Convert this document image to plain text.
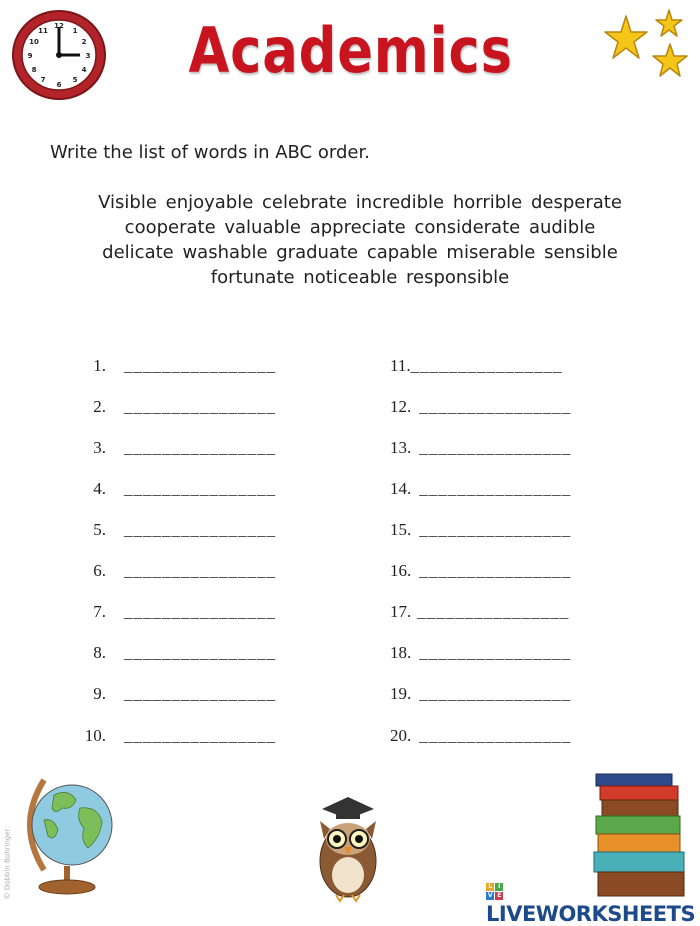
12
1
2
3
4
5
6
7
8
9
10
11 Academics
Write the list of words in ABC order.
Visible enjoyable celebrate incredible horrible desperate
cooperate valuable appreciate considerate audible
delicate washable graduate capable miserable sensible
fortunate noticeable responsible
1. ________________
2. ________________
3. ________________
4. ________________
5. ________________
6. ________________
7. ________________
8. ________________
9. ________________
10. ________________
11.________________
12. ________________
13. ________________
14. ________________
15. ________________
16. ________________
17. ________________
18. ________________
19. ________________
20. ________________
© Dobbin Bohringer	L	I
V E
LIVEWORKSHEETS
